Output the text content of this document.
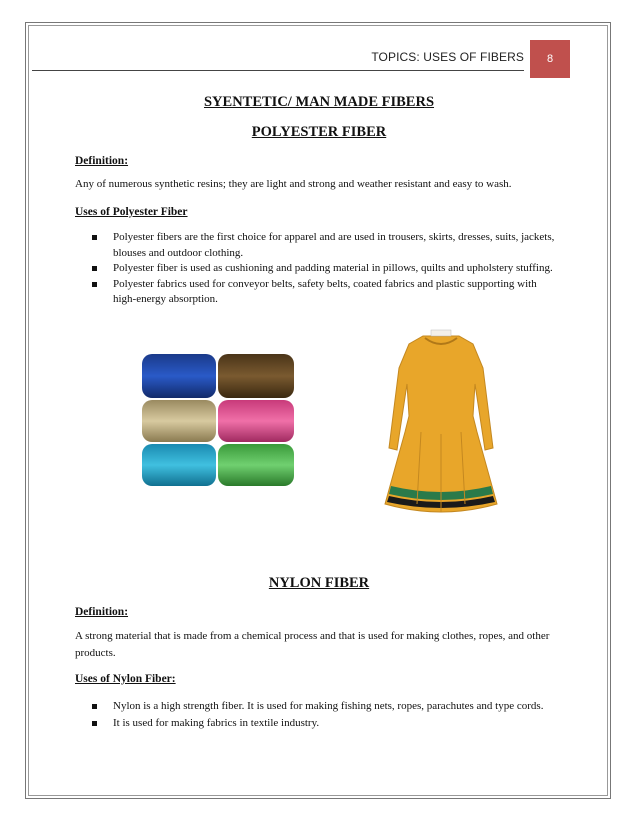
TOPICS: USES OF FIBERS 8
SYENTETIC/ MAN MADE FIBERS
POLYESTER FIBER
Definition:
Any of numerous synthetic resins; they are light and strong and weather resistant and easy to wash.
Uses of Polyester Fiber
Polyester fibers are the first choice for apparel and are used in trousers, skirts, dresses, suits, jackets, blouses and outdoor clothing.
Polyester fiber is used as cushioning and padding material in pillows, quilts and upholstery stuffing.
Polyester fabrics used for conveyor belts, safety belts, coated fabrics and plastic supporting with high-energy absorption.
NYLON FIBER
Definition:
A strong material that is made from a chemical process and that is used for making clothes, ropes, and other products.
Uses of Nylon Fiber:
Nylon is a high strength fiber. It is used for making fishing nets, ropes, parachutes and type cords.
It is used for making fabrics in textile industry.
